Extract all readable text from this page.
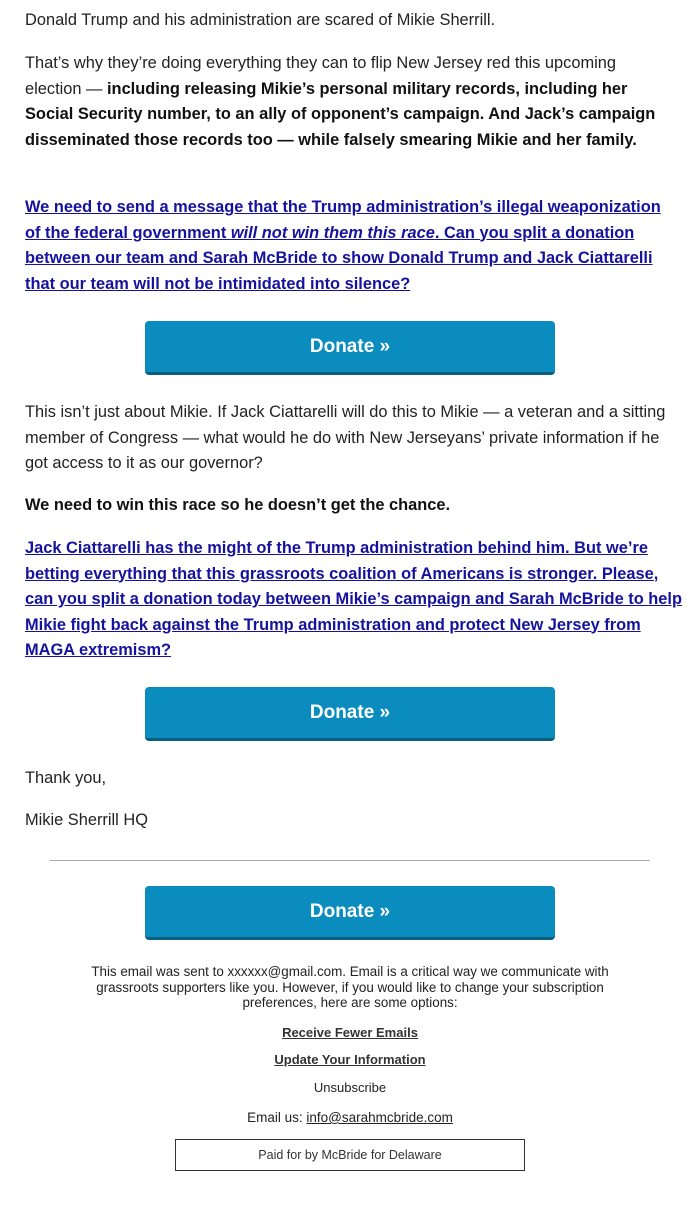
Donald Trump and his administration are scared of Mikie Sherrill.

That’s why they’re doing everything they can to flip New Jersey red this upcoming election — including releasing Mikie’s personal military records, including her Social Security number, to an ally of opponent’s campaign. And Jack’s campaign disseminated those records too — while falsely smearing Mikie and her family.

We need to send a message that the Trump administration’s illegal weaponization of the federal government will not win them this race. Can you split a donation between our team and Sarah McBride to show Donald Trump and Jack Ciattarelli that our team will not be intimidated into silence?

Donate »

This isn’t just about Mikie. If Jack Ciattarelli will do this to Mikie — a veteran and a sitting member of Congress — what would he do with New Jerseyans’ private information if he got access to it as our governor?

We need to win this race so he doesn’t get the chance.

Jack Ciattarelli has the might of the Trump administration behind him. But we’re betting everything that this grassroots coalition of Americans is stronger. Please, can you split a donation today between Mikie’s campaign and Sarah McBride to help Mikie fight back against the Trump administration and protect New Jersey from MAGA extremism?

Donate »

Thank you,

Mikie Sherrill HQ

Donate »
This email was sent to xxxxxx@gmail.com. Email is a critical way we communicate with grassroots supporters like you. However, if you would like to change your subscription preferences, here are some options:
Receive Fewer Emails
Update Your Information
Unsubscribe
Email us: info@sarahmcbride.com
Paid for by McBride for Delaware
